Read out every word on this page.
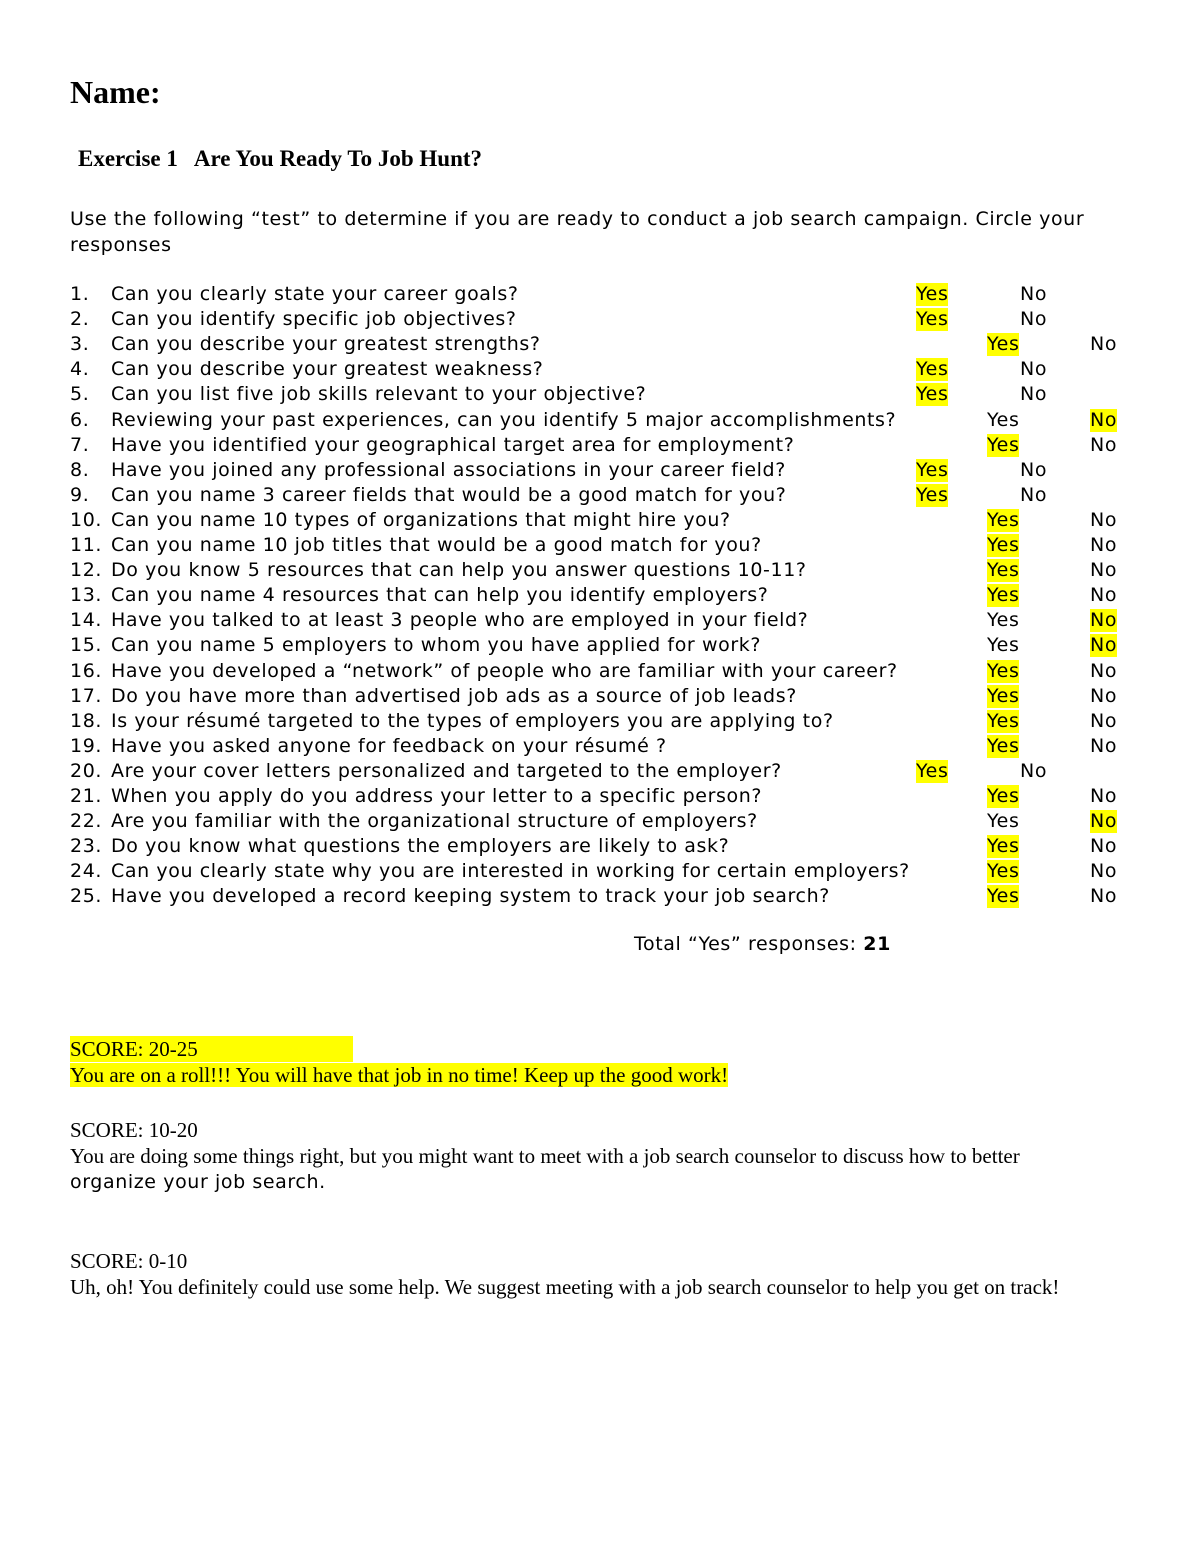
Name:
Exercise 1   Are You Ready To Job Hunt?
Use the following “test” to determine if you are ready to conduct a job search campaign. Circle your responses
1. Can you clearly state your career goals?	Yes	No
2. Can you identify specific job objectives?	Yes	No
3. Can you describe your greatest strengths?	Yes	No
4. Can you describe your greatest weakness?	Yes	No
5. Can you list five job skills relevant to your objective?	Yes	No
6. Reviewing your past experiences, can you identify 5 major accomplishments?	Yes	No
7. Have you identified your geographical target area for employment?	Yes	No
8. Have you joined any professional associations in your career field?	Yes	No
9. Can you name 3 career fields that would be a good match for you?	Yes	No
10. Can you name 10 types of organizations that might hire you?	Yes	No
11. Can you name 10 job titles that would be a good match for you?	Yes	No
12. Do you know 5 resources that can help you answer questions 10-11?	Yes	No
13. Can you name 4 resources that can help you identify employers?	Yes	No
14. Have you talked to at least 3 people who are employed in your field?	Yes	No
15. Can you name 5 employers to whom you have applied for work?	Yes	No
16. Have you developed a “network” of people who are familiar with your career?	Yes	No
17. Do you have more than advertised job ads as a source of job leads?	Yes	No
18. Is your résumé targeted to the types of employers you are applying to?	Yes	No
19. Have you asked anyone for feedback on your résumé ?	Yes	No
20. Are your cover letters personalized and targeted to the employer?	Yes	No
21. When you apply do you address your letter to a specific person?	Yes	No
22. Are you familiar with the organizational structure of employers?	Yes	No
23. Do you know what questions the employers are likely to ask?	Yes	No
24. Can you clearly state why you are interested in working for certain employers?	Yes	No
25. Have you developed a record keeping system to track your job search?	Yes	No
Total “Yes” responses: 21
SCORE: 20-25
You are on a roll!!! You will have that job in no time! Keep up the good work!
SCORE: 10-20
You are doing some things right, but you might want to meet with a job search counselor to discuss how to better
organize your job search.
SCORE: 0-10
Uh, oh! You definitely could use some help. We suggest meeting with a job search counselor to help you get on track!
